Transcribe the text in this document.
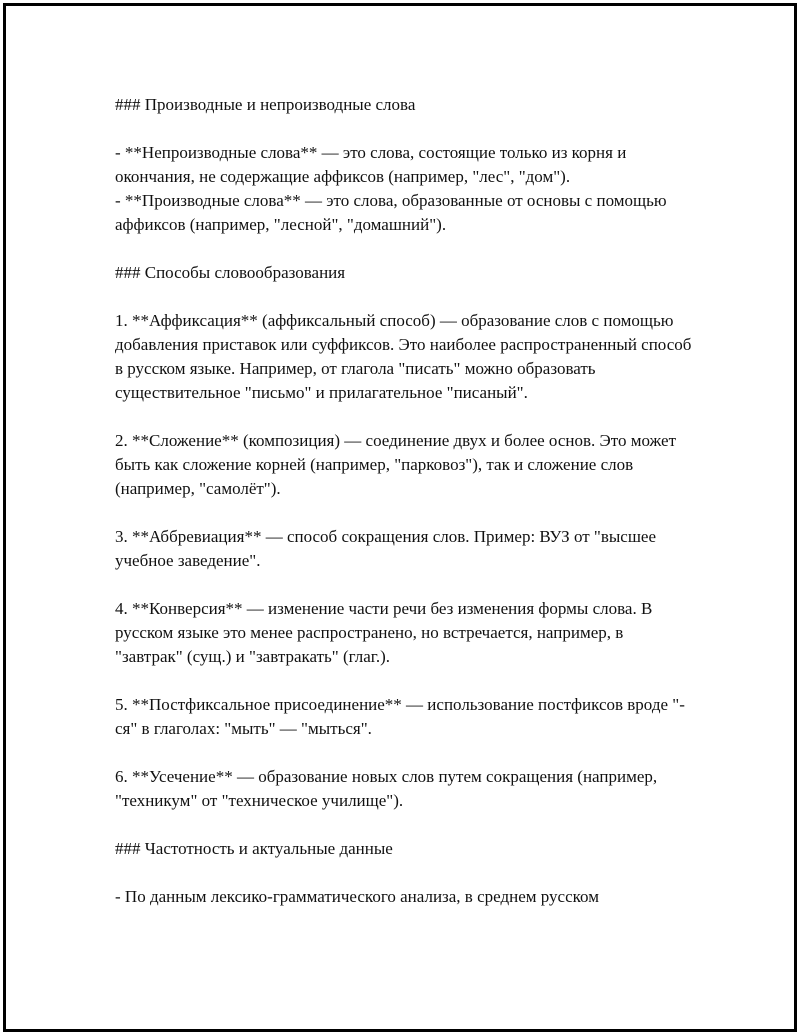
### Производные и непроизводные слова

- **Непроизводные слова** — это слова, состоящие только из корня и окончания, не содержащие аффиксов (например, "лес", "дом").

- **Производные слова** — это слова, образованные от основы с помощью аффиксов (например, "лесной", "домашний").

### Способы словообразования

1. **Аффиксация** (аффиксальный способ) — образование слов с помощью добавления приставок или суффиксов. Это наиболее распространенный способ в русском языке. Например, от глагола "писать" можно образовать существительное "письмо" и прилагательное "писаный".

2. **Сложение** (композиция) — соединение двух и более основ. Это может быть как сложение корней (например, "парковоз"), так и сложение слов (например, "самолёт").

3. **Аббревиация** — способ сокращения слов. Пример: ВУЗ от "высшее учебное заведение".

4. **Конверсия** — изменение части речи без изменения формы слова. В русском языке это менее распространено, но встречается, например, в "завтрак" (сущ.) и "завтракать" (глаг.).

5. **Постфиксальное присоединение** — использование постфиксов вроде "-ся" в глаголах: "мыть" — "мыться".

6. **Усечение** — образование новых слов путем сокращения (например, "техникум" от "техническое училище").

### Частотность и актуальные данные

- По данным лексико-грамматического анализа, в среднем русском
